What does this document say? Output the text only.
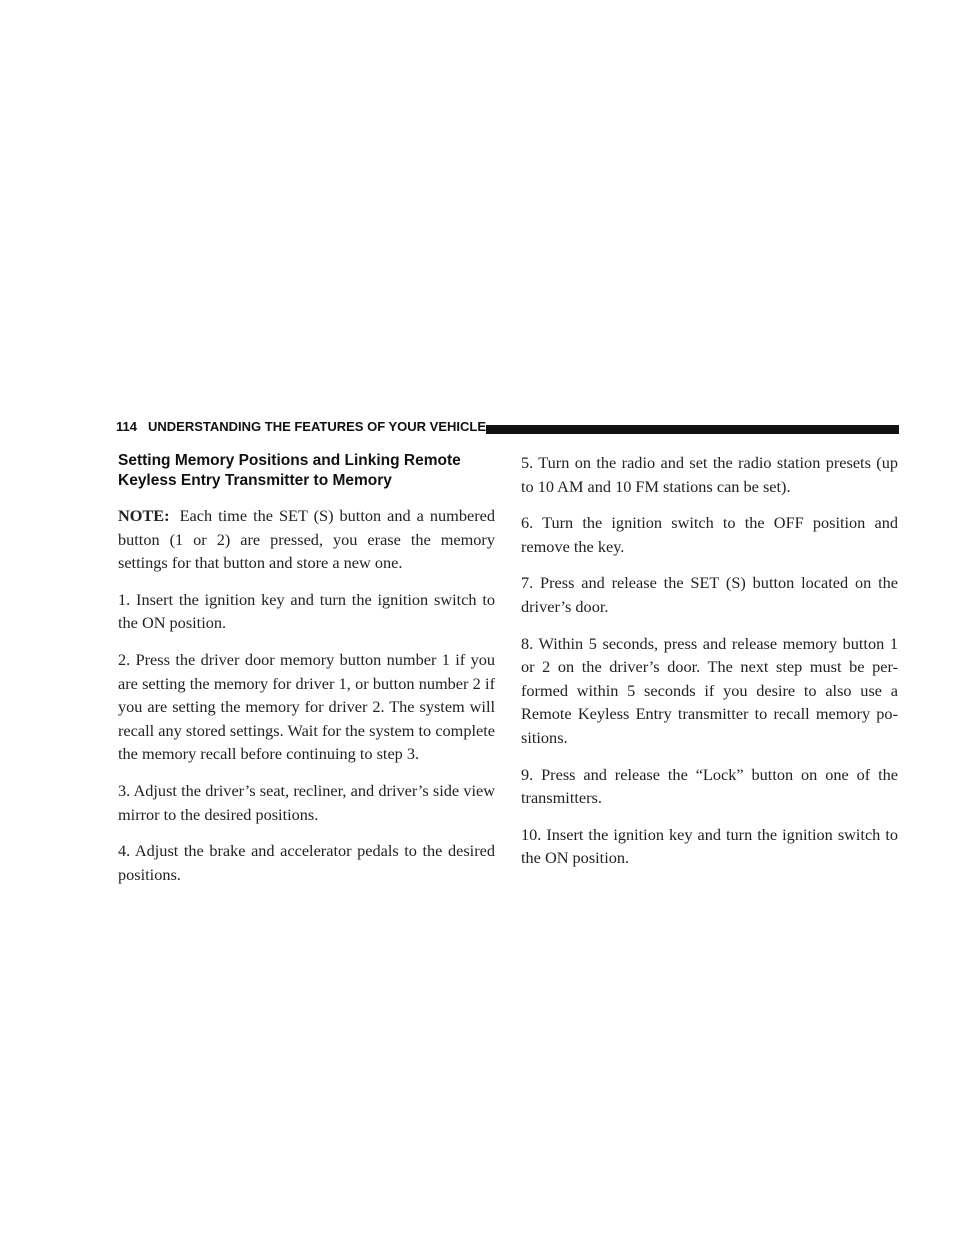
114 UNDERSTANDING THE FEATURES OF YOUR VEHICLE
Setting Memory Positions and Linking Remote
Keyless Entry Transmitter to Memory

NOTE: Each time the SET (S) button and a numbered button (1 or 2) are pressed, you erase the memory settings for that button and store a new one.

1. Insert the ignition key and turn the ignition switch to the ON position.

2. Press the driver door memory button number 1 if you are setting the memory for driver 1, or button number 2 if you are setting the memory for driver 2. The system will recall any stored settings. Wait for the system to complete the memory recall before continuing to step 3.

3. Adjust the driver’s seat, recliner, and driver’s side view mirror to the desired positions.

4. Adjust the brake and accelerator pedals to the desired positions.

5. Turn on the radio and set the radio station presets (up to 10 AM and 10 FM stations can be set).

6. Turn the ignition switch to the OFF position and remove the key.

7. Press and release the SET (S) button located on the driver’s door.

8. Within 5 seconds, press and release memory button 1 or 2 on the driver’s door. The next step must be per-formed within 5 seconds if you desire to also use a Remote Keyless Entry transmitter to recall memory po-sitions.

9. Press and release the “Lock” button on one of the transmitters.

10. Insert the ignition key and turn the ignition switch to the ON position.
